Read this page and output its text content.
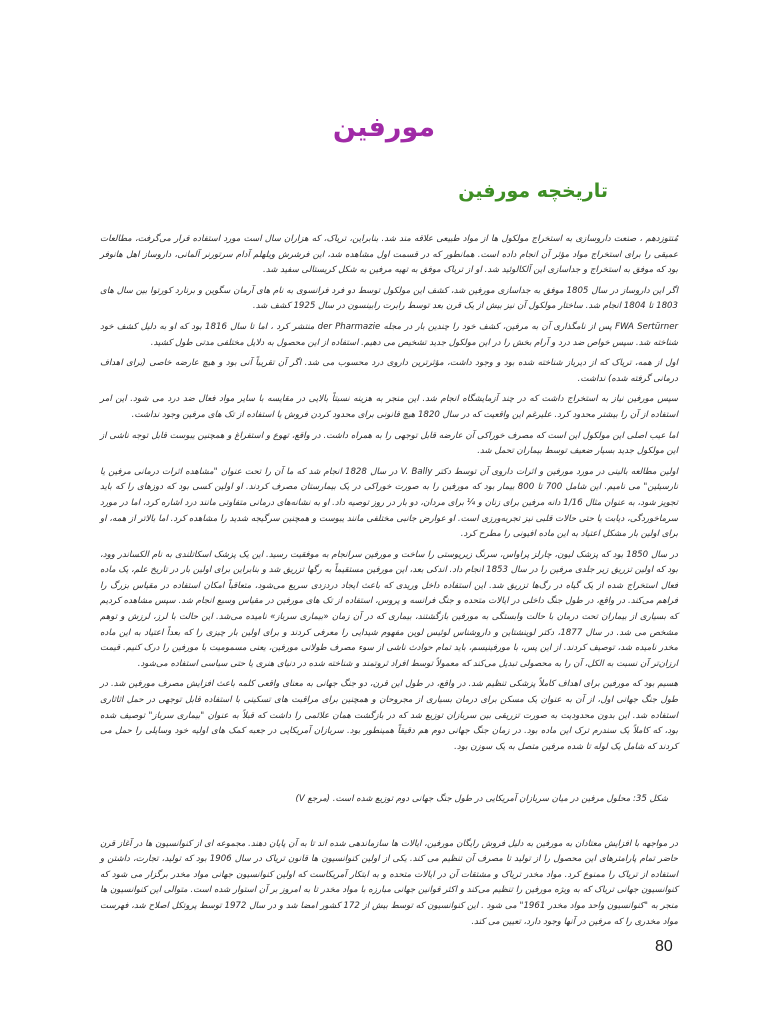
مورفين
تاریخچه مورفین

مُنتوزدهم ، صنعت داروسازی به استخراج مولکول ها از مواد طبیعی علاقه مند شد. بنابراین، تریاک، که هزاران سال است مورد استفاده قرار می‌گرفت، مطالعات عمیقی را برای استخراج مواد مؤثر آن انجام داده است. همانطور که در قسمت اول مشاهده شد، این فرشرش ویلهلم آدام سرتورنر آلمانی، داروساز اهل هانوفر بود که موفق به استخراج و جداسازی این آلکالوئید شد. او از تریاک موفق به تهیه مرفین به شکل کریستالی سفید شد.

اگر این داروساز در سال 1805 موفق به جداسازی مورفین شد، کشف این مولکول توسط دو فرد فرانسوی به نام های آرمان سگوین و برنارد کورتوا بین سال های 1803 تا 1804 انجام شد. ساختار مولکول آن نیز بیش از یک قرن بعد توسط رابرت رابینسون در سال 1925 کشف شد.

FWA Sertürner پس از نامگذاری آن به مرفین، کشف خود را چندین بار در مجله der Pharmazie منتشر کرد ، اما تا سال 1816 بود که او به دلیل کشف خود شناخته شد. سپس خواص ضد درد و آرام بخش را در این مولکول جدید تشخیص می دهیم. استفاده از این محصول به دلایل مختلفی مدتی طول کشید.

اول از همه، تریاک که از دیرباز شناخته شده بود و وجود داشت، مؤثرترین داروی درد محسوب می شد. اگر آن تقریباً آنی بود و هیچ عارضه خاصی (برای اهداف درمانی گرفته شده) نداشت.

سپس مورفین نیاز به استخراج داشت که در چند آزمایشگاه انجام شد. این منجر به هزینه نسبتاً بالایی در مقایسه با سایر مواد فعال ضد درد می شود. این امر استفاده از آن را بیشتر محدود کرد. علیرغم این واقعیت که در سال 1820 هیچ قانونی برای محدود کردن فروش یا استفاده از تک های مرفین وجود نداشت.

اما عیب اصلی این مولکول این است که مصرف خوراکی آن عارضه قابل توجهی را به همراه داشت. در واقع، تهوع و استفراغ و همچنین یبوست قابل توجه ناشی از این مولکول جدید بسیار ضعیف توسط بیماران تحمل شد.

اولین مطالعه بالینی در مورد مورفین و اثرات داروی آن توسط دکتر V. Bally در سال 1828 انجام شد که ما آن را تحت عنوان "مشاهده اثرات درمانی مرفین یا نارسیئین" می نامیم. این شامل 700 تا 800 بیمار بود که مورفین را به صورت خوراکی در یک بیمارستان مصرف کردند. او اولین کسی بود که دوزهای را که باید تجویز شود، به عنوان مثال 1/16 دانه مرفین برای زنان و ¼ برای مردان، دو بار در روز توصیه داد. او به نشانه‌های درمانی متفاوتی مانند درد اشاره کرد، اما در مورد سرماخوردگی، دیابت یا حتی حالات قلبی نیز تجربه‌ورزی است. او عوارض جانبی مختلفی مانند یبوست و همچنین سرگیجه شدید را مشاهده کرد. اما بالاتر از همه، او برای اولین بار مشکل اعتیاد به این ماده افیونی را مطرح کرد.

در سال 1850 بود که پزشک لیون، چارلز پراواس، سرنگ زیرپوستی را ساخت و مورفین سرانجام به موفقیت رسید. این یک پزشک اسکاتلندی به نام الکساندر وود، بود که اولین تزریق زیر جلدی مرفین را در سال 1853 انجام داد. اندکی بعد، این مورفین مستقیماً به رگها تزریق شد و بنابراین برای اولین بار در تاریخ علم، یک ماده فعال استخراج شده از یک گیاه در رگ‌ها تزریق شد. این استفاده داخل وریدی که باعث ایجاد دردزدی سریع می‌شود، متعاقباً امکان استفاده در مقیاس بزرگ را فراهم می‌کند. در واقع، در طول جنگ داخلی در ایالات متحده و جنگ فرانسه و پروس، استفاده از تک های مورفین در مقیاس وسیع انجام شد. سپس مشاهده کردیم که بسیاری از بیماران تحت درمان با حالت وابستگی به مورفین بازگشتند، بیماری که در آن زمان «بیماری سرباز» نامیده می‌شد. این حالت با لرز، لرزش و توهم مشخص می شد. در سال 1877، دکتر لوینشتاین و داروشناس لوئیس لوین مفهوم شیدایی را معرفی کردند و برای اولین بار چیزی را که بعداً اعتیاد به این ماده مخدر نامیده شد، توصیف کردند. از این پس، با مورفینیسم، باید تمام حوادث ناشی از سوء مصرف طولانی مورفین، یعنی مسمومیت با مورفین را درک کنیم. قیمت ارزان‌تر آن نسبت به الکل، آن را به محصولی تبدیل می‌کند که معمولاً توسط افراد ثروتمند و شناخته شده در دنیای هنری یا حتی سیاسی استفاده می‌شود.

هسیم بود که مورفین برای اهداف کاملاً پزشکی تنظیم شد. در واقع، در طول این قرن، دو جنگ جهانی به معنای واقعی کلمه باعث افزایش مصرف مورفین شد. در طول جنگ جهانی اول، از آن به عنوان یک مسکن برای درمان بسیاری از مجروحان و همچنین برای مراقبت های تسکینی با استفاده قابل توجهی در حمل اثاثاری استفاده شد. این بدون محدودیت به صورت تزریقی بین سربازان توزیع شد که در بازگشت همان علائمی را داشت که قبلاً به عنوان "بیماری سرباز" توصیف شده بود، که کاملاً یک سندرم ترک این ماده بود. در زمان جنگ جهانی دوم هم دقیقاً همینطور بود. سربازان آمریکایی در جعبه کمک های اولیه خود وسایلی را حمل می کردند که شامل یک لوله تا شده مرفین متصل به یک سوزن بود.

شکل 35: محلول مرفین در میان سربازان آمریکایی در طول جنگ جهانی دوم توزیع شده است. (مرجع V)

در مواجهه با افزایش معتادان به مورفین به دلیل فروش رایگان مورفین، ایالات ها سازماندهی شده اند تا به آن پایان دهند. مجموعه ای از کنوانسیون ها در آغاز قرن حاضر تمام پارامترهای این محصول را از تولید تا مصرف آن تنظیم می کند. یکی از اولین کنوانسیون ها قانون تریاک در سال 1906 بود که تولید، تجارت، داشتن و استفاده از تریاک را ممنوع کرد. مواد مخدر تریاک و مشتقات آن در ایالات متحده و به ابتکار آمریکاست که اولین کنوانسیون جهانی مواد مخدر برگزار می شود که کنوانسیون جهانی تریاک که به ویژه مورفین را تنظیم می‌کند و اکثر قوانین جهانی مبارزه با مواد مخدر تا به امروز بر آن استوار شده است. متوالی این کنوانسیون ها منجر به "کنوانسیون واحد مواد مخدر 1961" می شود . این کنوانسیون که توسط بیش از 172 کشور امضا شد و در سال 1972 توسط پروتکل اصلاح شد، فهرست مواد مخدری را که مرفین در آنها وجود دارد، تعیین می کند.

80
